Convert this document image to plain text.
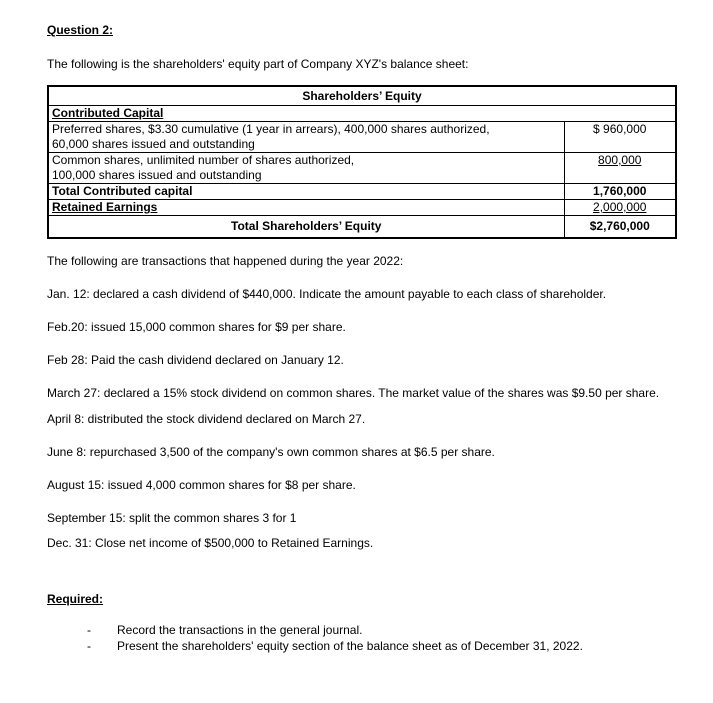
Question 2:

The following is the shareholders' equity part of Company XYZ's balance sheet:

Shareholders’ Equity	
Contributed Capital	

Preferred shares, $3.30 cumulative (1 year in arrears), 400,000 shares authorized,
60,000 shares issued and outstanding	$ 960,000

Common shares, unlimited number of shares authorized,
100,000 shares issued and outstanding	800,000
Total Contributed capital	1,760,000
Retained Earnings	2,000,000
Total Shareholders’ Equity	$2,760,000

The following are transactions that happened during the year 2022:

Jan. 12: declared a cash dividend of $440,000. Indicate the amount payable to each class of shareholder.

Feb.20: issued 15,000 common shares for $9 per share.

Feb 28: Paid the cash dividend declared on January 12.

March 27: declared a 15% stock dividend on common shares. The market value of the shares was $9.50 per share.

April 8: distributed the stock dividend declared on March 27.

June 8: repurchased 3,500 of the company's own common shares at $6.5 per share.

August 15: issued 4,000 common shares for $8 per share.

September 15: split the common shares 3 for 1

Dec. 31: Close net income of $500,000 to Retained Earnings.

Required:
-	Record the transactions in the general journal.
-	Present the shareholders' equity section of the balance sheet as of December 31, 2022.
